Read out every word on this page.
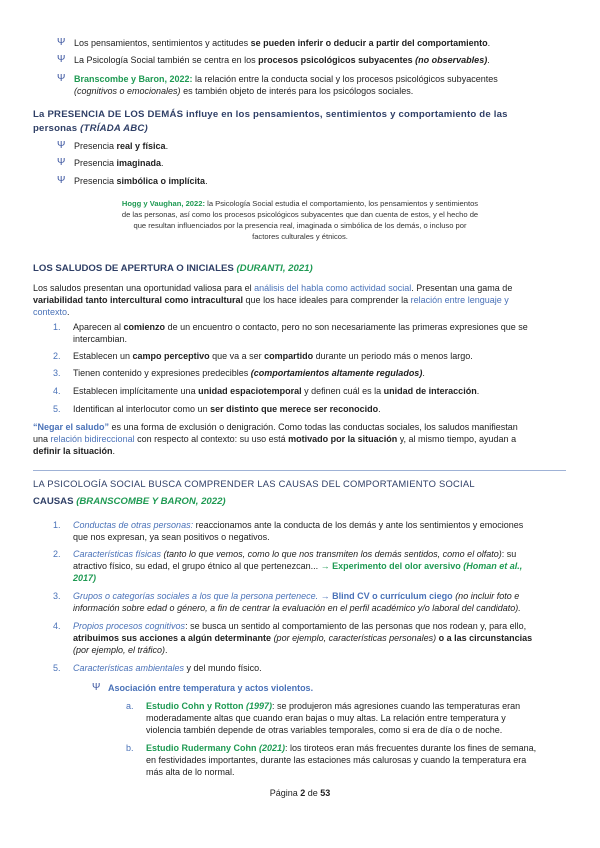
Ψ Los pensamientos, sentimientos y actitudes se pueden inferir o deducir a partir del comportamiento.
Ψ La Psicología Social también se centra en los procesos psicológicos subyacentes (no observables).
Ψ Branscombe y Baron, 2022: la relación entre la conducta social y los procesos psicológicos subyacentes
(cognitivos o emocionales) es también objeto de interés para los psicólogos sociales.
La PRESENCIA DE LOS DEMÁS influye en los pensamientos, sentimientos y comportamiento de las
personas (TRÍADA ABC)
Ψ Presencia real y física.
Ψ Presencia imaginada.
Ψ Presencia simbólica o implícita.
Hogg y Vaughan, 2022: la Psicología Social estudia el comportamiento, los pensamientos y sentimientos
de las personas, así como los procesos psicológicos subyacentes que dan cuenta de estos, y el hecho de
que resultan influenciados por la presencia real, imaginada o simbólica de los demás, o incluso por
factores culturales y étnicos.
LOS SALUDOS DE APERTURA O INICIALES (DURANTI, 2021)
Los saludos presentan una oportunidad valiosa para el análisis del habla como actividad social. Presentan una gama de
variabilidad tanto intercultural como intracultural que los hace ideales para comprender la relación entre lenguaje y
contexto.
1. Aparecen al comienzo de un encuentro o contacto, pero no son necesariamente las primeras expresiones que se
intercambian.
2. Establecen un campo perceptivo que va a ser compartido durante un periodo más o menos largo.
3. Tienen contenido y expresiones predecibles (comportamientos altamente regulados).
4. Establecen implícitamente una unidad espaciotemporal y definen cuál es la unidad de interacción.
5. Identifican al interlocutor como un ser distinto que merece ser reconocido.
“Negar el saludo” es una forma de exclusión o denigración. Como todas las conductas sociales, los saludos manifiestan
una relación bidireccional con respecto al contexto: su uso está motivado por la situación y, al mismo tiempo, ayudan a
definir la situación.
LA PSICOLOGÍA SOCIAL BUSCA COMPRENDER LAS CAUSAS DEL COMPORTAMIENTO SOCIAL
CAUSAS (BRANSCOMBE Y BARON, 2022)
1. Conductas de otras personas: reaccionamos ante la conducta de los demás y ante los sentimientos y emociones
que nos expresan, ya sean positivos o negativos.
2. Características físicas (tanto lo que vemos, como lo que nos transmiten los demás sentidos, como el olfato): su
atractivo físico, su edad, el grupo étnico al que pertenezcan... → Experimento del olor aversivo (Homan et al.,
2017)
3. Grupos o categorías sociales a los que la persona pertenece. → Blind CV o currículum ciego (no incluir foto e
información sobre edad o género, a fin de centrar la evaluación en el perfil académico y/o laboral del candidato).
4. Propios procesos cognitivos: se busca un sentido al comportamiento de las personas que nos rodean y, para ello,
atribuimos sus acciones a algún determinante (por ejemplo, características personales) o a las circunstancias
(por ejemplo, el tráfico).
5. Características ambientales y del mundo físico.
Ψ Asociación entre temperatura y actos violentos.
a. Estudio Cohn y Rotton (1997): se produjeron más agresiones cuando las temperaturas eran
moderadamente altas que cuando eran bajas o muy altas. La relación entre temperatura y
violencia también depende de otras variables temporales, como si era de día o de noche.
b. Estudio Rudermany Cohn (2021): los tiroteos eran más frecuentes durante los fines de semana,
en festividades importantes, durante las estaciones más calurosas y cuando la temperatura era
más alta de lo normal.
Página 2 de 53
